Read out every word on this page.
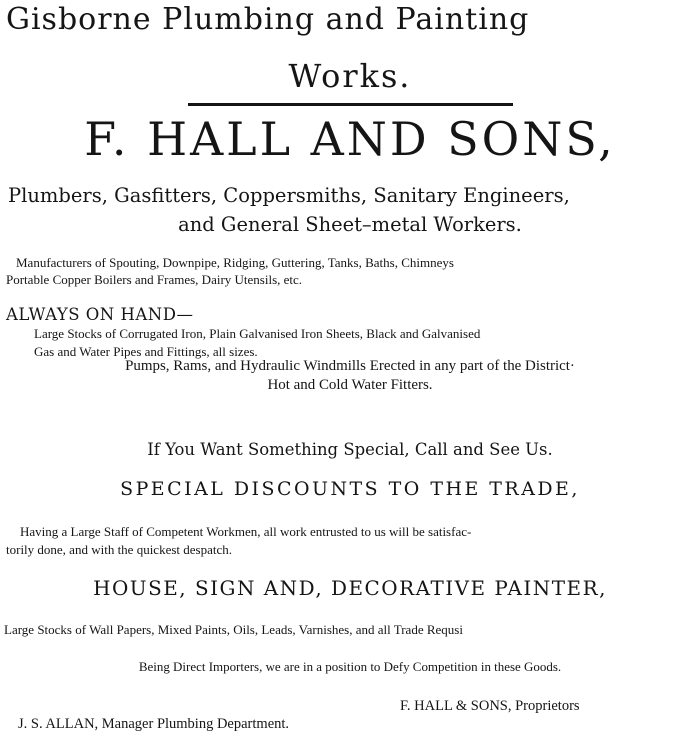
Gisborne Plumbing and Painting
Works.
F. HALL AND SONS,
Plumbers, Gasfitters, Coppersmiths, Sanitary Engineers,
and General Sheet–metal Workers.
Manufacturers of Spouting, Downpipe, Ridging, Guttering, Tanks, Baths, Chimneys
Portable Copper Boilers and Frames, Dairy Utensils, etc.
ALWAYS ON HAND—
Large Stocks of Corrugated Iron, Plain Galvanised Iron Sheets, Black and Galvanised
Gas and Water Pipes and Fittings, all sizes.
Pumps, Rams, and Hydraulic Windmills Erected in any part of the District·
Hot and Cold Water Fitters.
If You Want Something Special, Call and See Us.
SPECIAL DISCOUNTS TO THE TRADE,
Having a Large Staff of Competent Workmen, all work entrusted to us will be satisfac-
torily done, and with the quickest despatch.
HOUSE, SIGN AND, DECORATIVE PAINTER,
Large Stocks of Wall Papers, Mixed Paints, Oils, Leads, Varnishes, and all Trade Requsi
Being Direct Importers, we are in a position to Defy Competition in these Goods.
F. HALL & SONS, Proprietors
J. S. ALLAN, Manager Plumbing Department.
